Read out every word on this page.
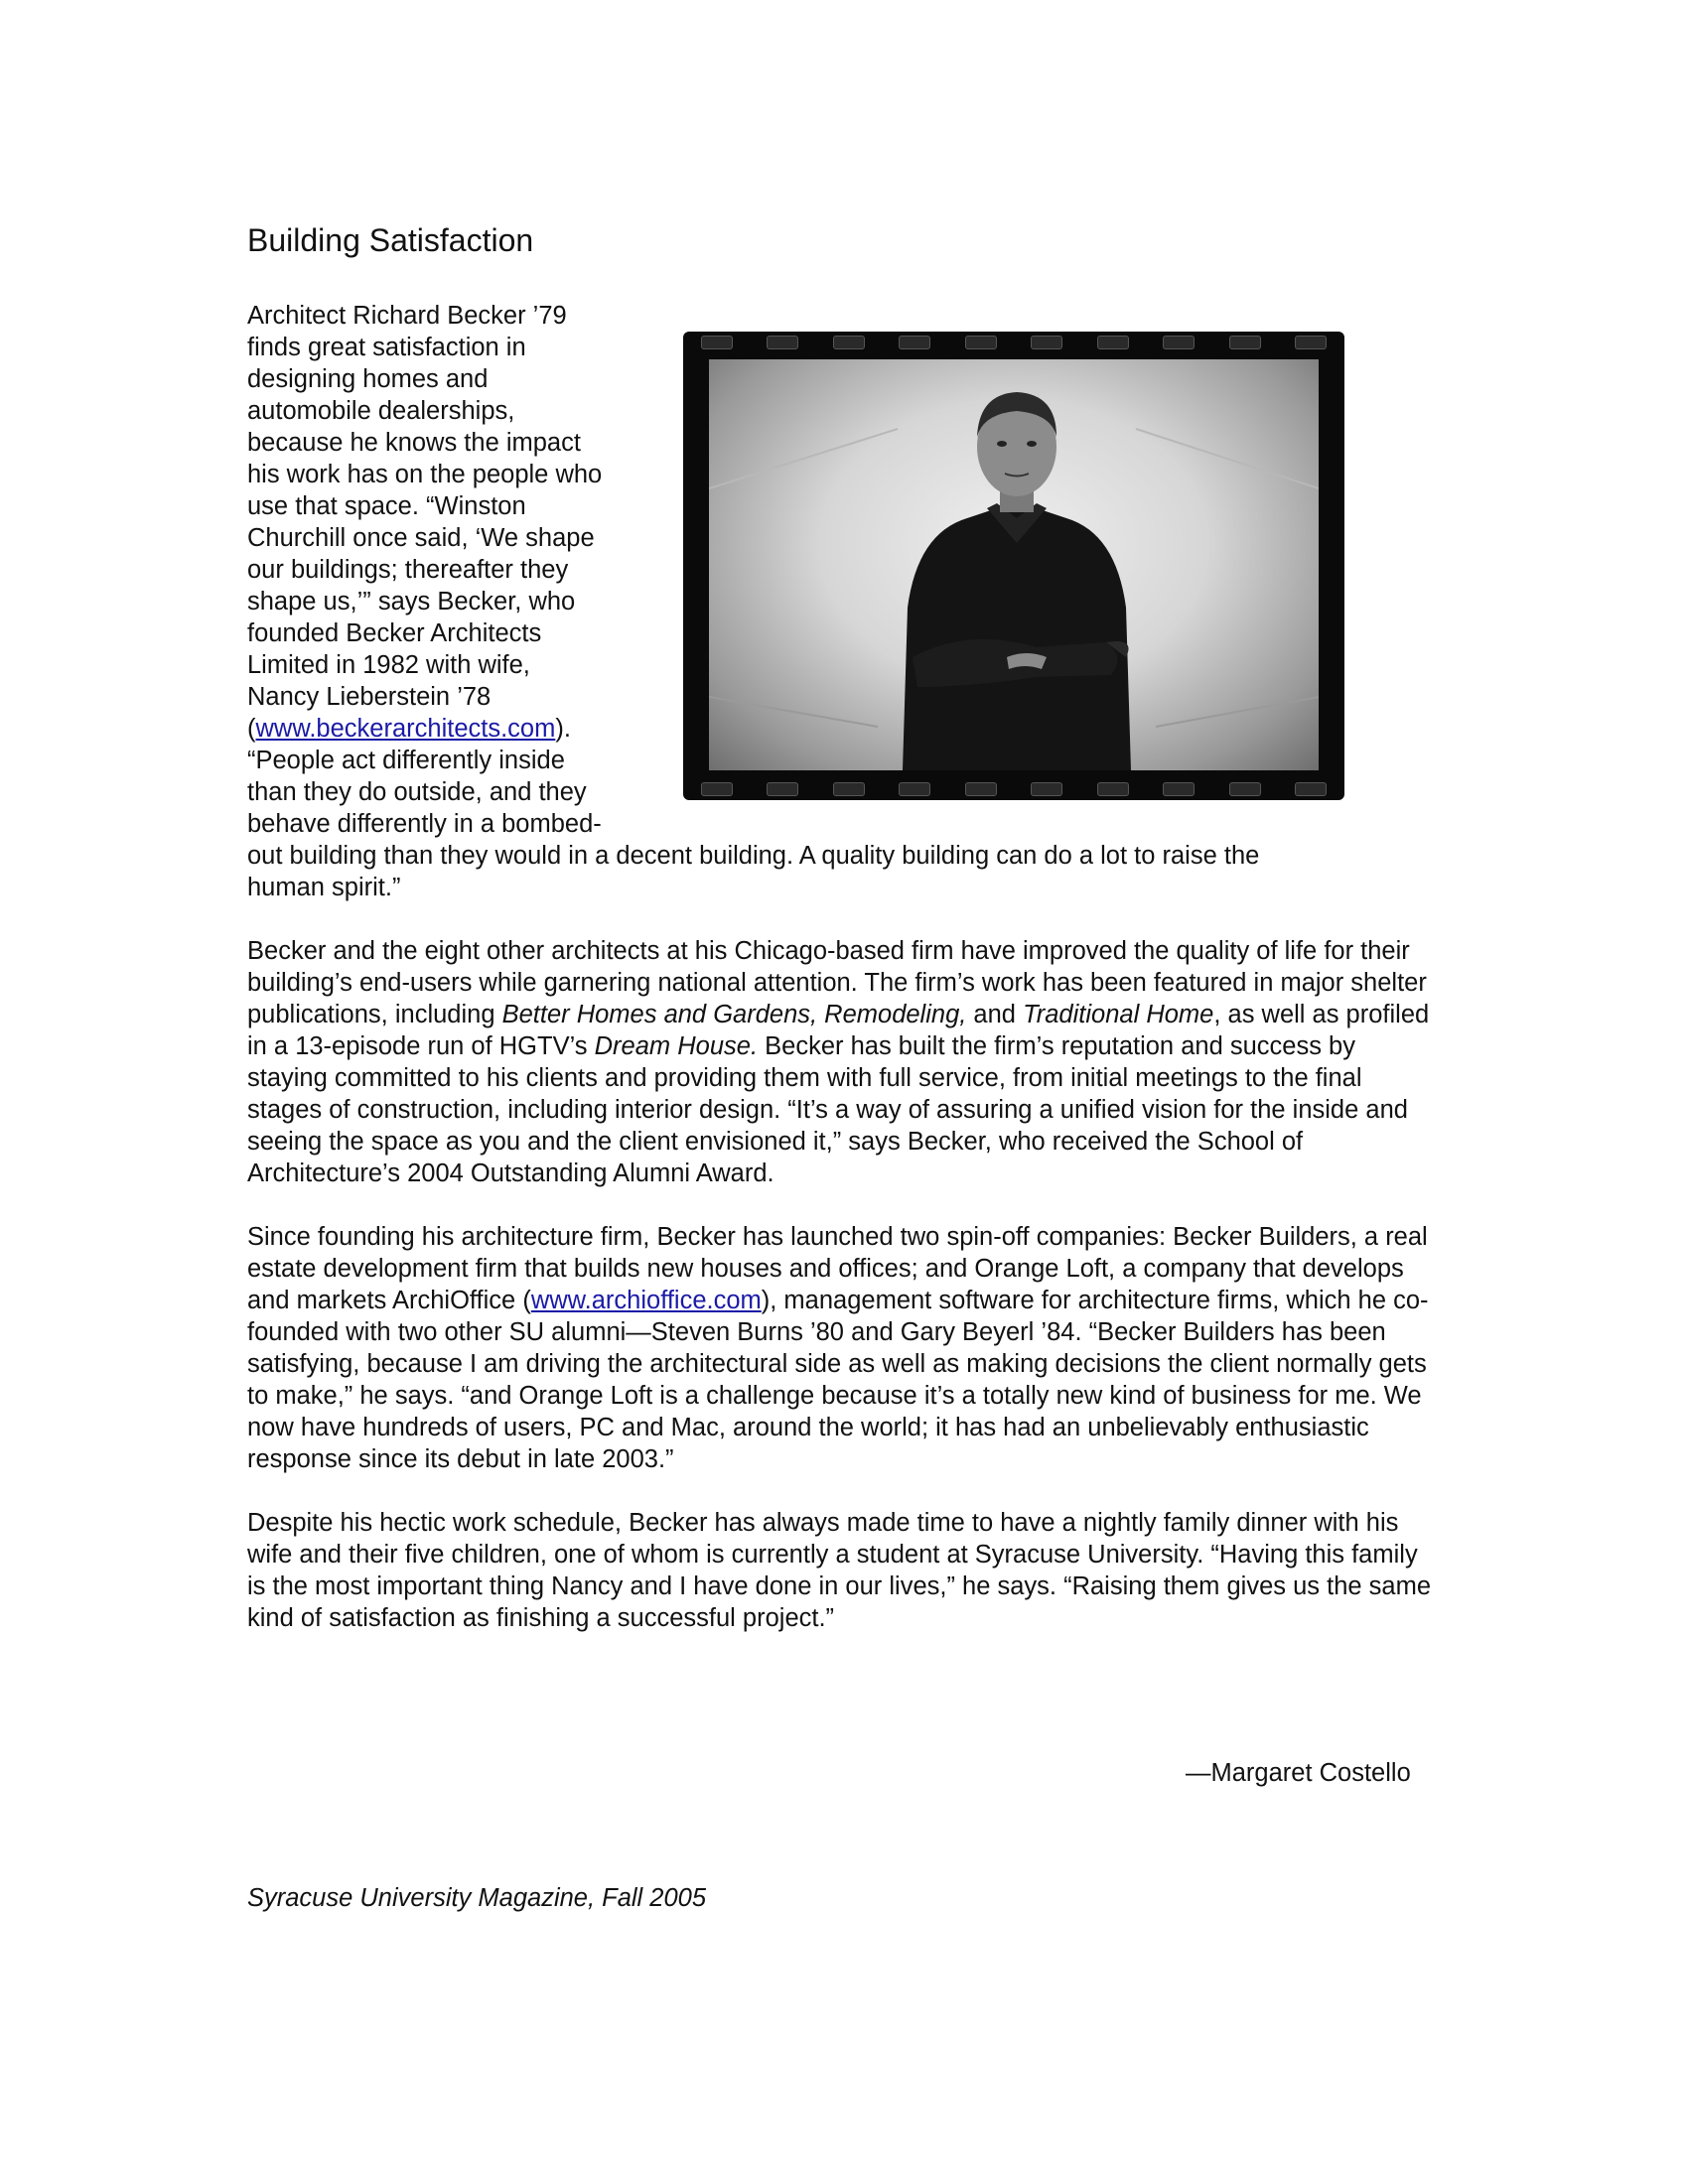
Building Satisfaction

Architect Richard Becker ’79
finds great satisfaction in
designing homes and
automobile dealerships,
because he knows the impact
his work has on the people who
use that space. “Winston
Churchill once said, ‘We shape
our buildings; thereafter they
shape us,’” says Becker, who
founded Becker Architects
Limited in 1982 with wife,
Nancy Lieberstein ’78
(www.beckerarchitects.com).
“People act differently inside
than they do outside, and they
behave differently in a bombed-
out building than they would in a decent building. A quality building can do a lot to raise the
human spirit.”

Becker and the eight other architects at his Chicago-based firm have improved the quality of life for their building’s end-users while garnering national attention. The firm’s work has been featured in major shelter publications, including Better Homes and Gardens, Remodeling, and Traditional Home, as well as profiled in a 13-episode run of HGTV’s Dream House. Becker has built the firm’s reputation and success by staying committed to his clients and providing them with full service, from initial meetings to the final stages of construction, including interior design. “It’s a way of assuring a unified vision for the inside and seeing the space as you and the client envisioned it,” says Becker, who received the School of Architecture’s 2004 Outstanding Alumni Award.

Since founding his architecture firm, Becker has launched two spin-off companies: Becker Builders, a real estate development firm that builds new houses and offices; and Orange Loft, a company that develops and markets ArchiOffice (www.archioffice.com), management software for architecture firms, which he co-founded with two other SU alumni—Steven Burns ’80 and Gary Beyerl ’84. “Becker Builders has been satisfying, because I am driving the architectural side as well as making decisions the client normally gets to make,” he says. “and Orange Loft is a challenge because it’s a totally new kind of business for me. We now have hundreds of users, PC and Mac, around the world; it has had an unbelievably enthusiastic response since its debut in late 2003.”

Despite his hectic work schedule, Becker has always made time to have a nightly family dinner with his wife and their five children, one of whom is currently a student at Syracuse University. “Having this family is the most important thing Nancy and I have done in our lives,” he says. “Raising them gives us the same kind of satisfaction as finishing a successful project.”

—Margaret Costello
Syracuse University Magazine, Fall 2005
